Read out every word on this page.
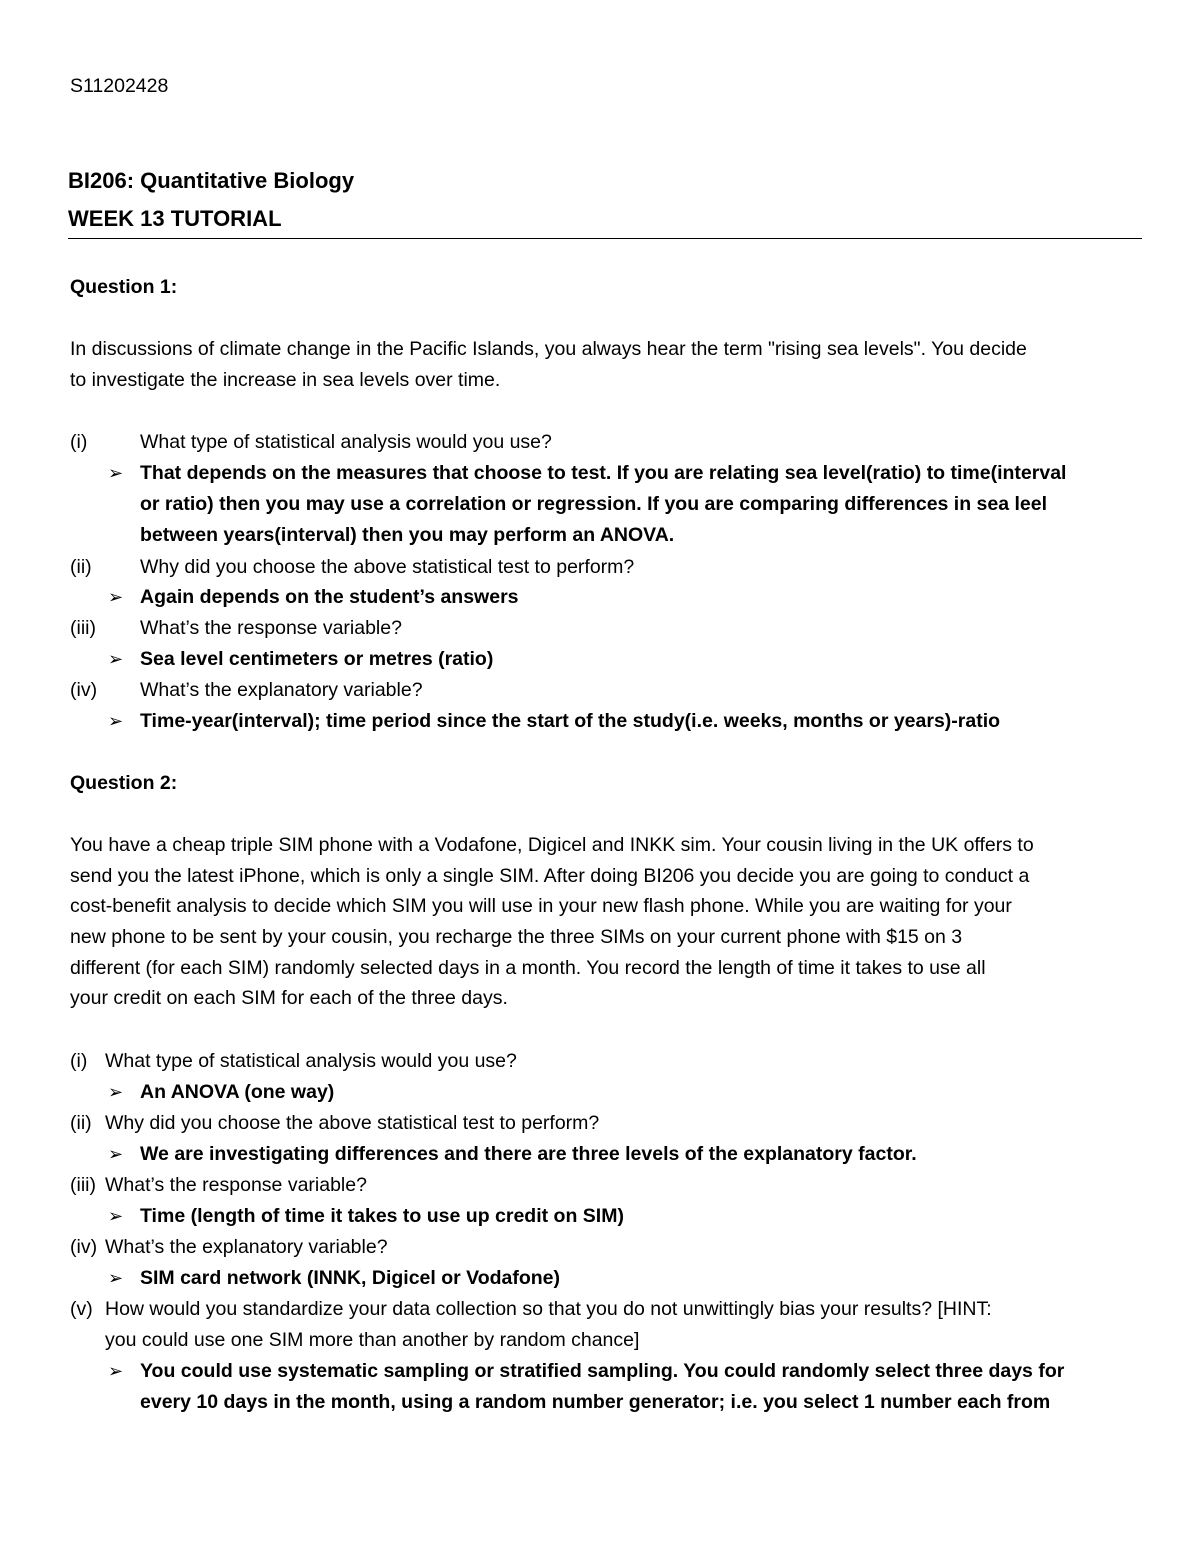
S11202428
BI206: Quantitative Biology
WEEK 13 TUTORIAL
Question 1:
In discussions of climate change in the Pacific Islands, you always hear the term "rising sea levels". You decide
to investigate the increase in sea levels over time.
(i)	What type of statistical analysis would you use?
➢ That depends on the measures that choose to test. If you are relating sea level(ratio) to time(interval
or ratio) then you may use a correlation or regression. If you are comparing differences in sea leel
between years(interval) then you may perform an ANOVA.
(ii) Why did you choose the above statistical test to perform?
➢ Again depends on the student’s answers
(iii) What’s the response variable?
➢ Sea level centimeters or metres (ratio)
(iv) What’s the explanatory variable?
➢ Time-year(interval); time period since the start of the study(i.e. weeks, months or years)-ratio
Question 2:
You have a cheap triple SIM phone with a Vodafone, Digicel and INKK sim. Your cousin living in the UK offers to
send you the latest iPhone, which is only a single SIM. After doing BI206 you decide you are going to conduct a
cost-benefit analysis to decide which SIM you will use in your new flash phone. While you are waiting for your
new phone to be sent by your cousin, you recharge the three SIMs on your current phone with $15 on 3
different (for each SIM) randomly selected days in a month. You record the length of time it takes to use all
your credit on each SIM for each of the three days.
(i) What type of statistical analysis would you use?
➢ An ANOVA (one way)
(ii) Why did you choose the above statistical test to perform?
➢ We are investigating differences and there are three levels of the explanatory factor.
(iii) What’s the response variable?
➢ Time (length of time it takes to use up credit on SIM)
(iv) What’s the explanatory variable?
➢ SIM card network (INNK, Digicel or Vodafone)
(v) How would you standardize your data collection so that you do not unwittingly bias your results? [HINT:
you could use one SIM more than another by random chance]
➢ You could use systematic sampling or stratified sampling. You could randomly select three days for
every 10 days in the month, using a random number generator; i.e. you select 1 number each from
